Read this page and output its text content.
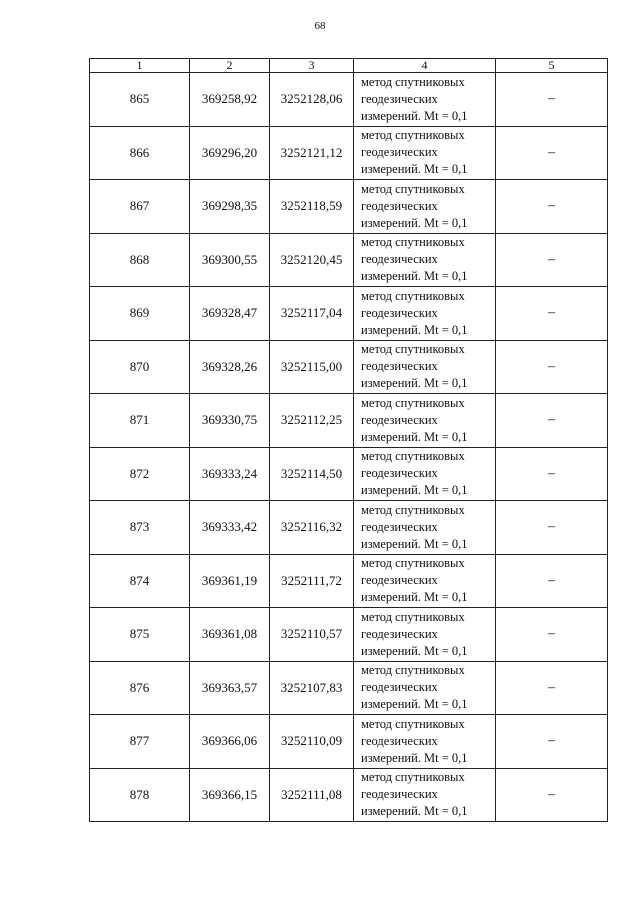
68
1	2	3	4	5
865	369258,92	3252128,06	метод спутниковых геодезических измерений. Mt = 0,1	–
866	369296,20	3252121,12	метод спутниковых геодезических измерений. Mt = 0,1	–
867	369298,35	3252118,59	метод спутниковых геодезических измерений. Mt = 0,1	–
868	369300,55	3252120,45	метод спутниковых геодезических измерений. Mt = 0,1	–
869	369328,47	3252117,04	метод спутниковых геодезических измерений. Mt = 0,1	–
870	369328,26	3252115,00	метод спутниковых геодезических измерений. Mt = 0,1	–
871	369330,75	3252112,25	метод спутниковых геодезических измерений. Mt = 0,1	–
872	369333,24	3252114,50	метод спутниковых геодезических измерений. Mt = 0,1	–
873	369333,42	3252116,32	метод спутниковых геодезических измерений. Mt = 0,1	–
874	369361,19	3252111,72	метод спутниковых геодезических измерений. Mt = 0,1	–
875	369361,08	3252110,57	метод спутниковых геодезических измерений. Mt = 0,1	–
876	369363,57	3252107,83	метод спутниковых геодезических измерений. Mt = 0,1	–
877	369366,06	3252110,09	метод спутниковых геодезических измерений. Mt = 0,1	–
878	369366,15	3252111,08	метод спутниковых геодезических измерений. Mt = 0,1	–
